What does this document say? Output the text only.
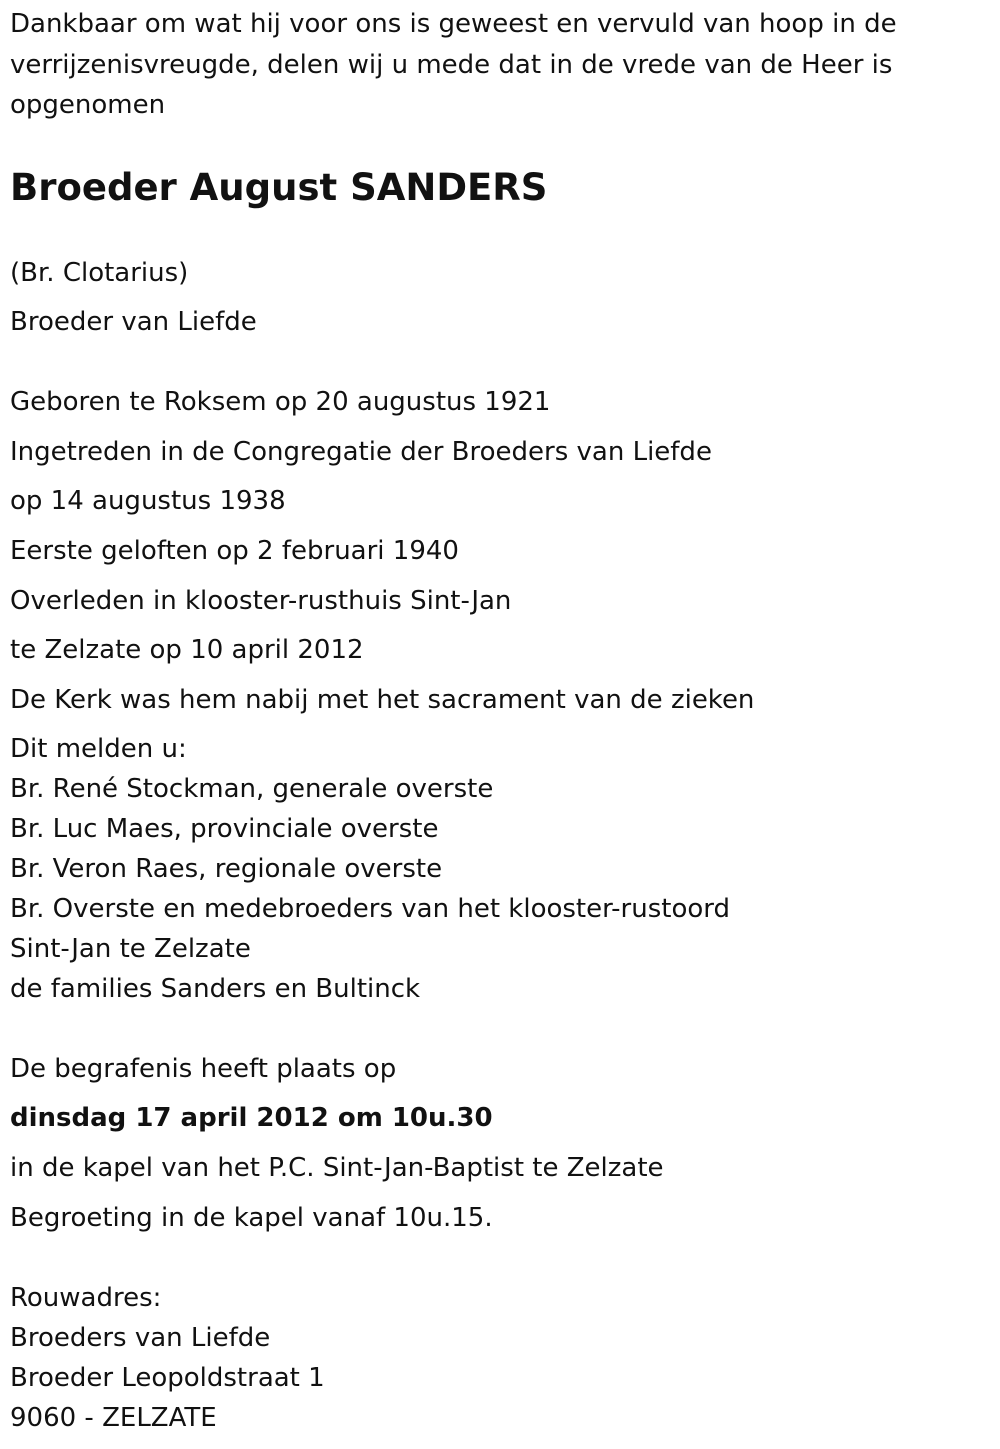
Dankbaar om wat hij voor ons is geweest en vervuld van hoop in de

verrijzenisvreugde, delen wij u mede dat in de vrede van de Heer is

opgenomen

Broeder August SANDERS

(Br. Clotarius)

Broeder van Liefde

Geboren te Roksem op 20 augustus 1921

Ingetreden in de Congregatie der Broeders van Liefde

op 14 augustus 1938

Eerste geloften op 2 februari 1940

Overleden in klooster-rusthuis Sint-Jan

te Zelzate op 10 april 2012

De Kerk was hem nabij met het sacrament van de zieken

Dit melden u:

Br. René Stockman, generale overste

Br. Luc Maes, provinciale overste

Br. Veron Raes, regionale overste

Br. Overste en medebroeders van het klooster-rustoord

Sint-Jan te Zelzate

de families Sanders en Bultinck

De begrafenis heeft plaats op

dinsdag 17 april 2012 om 10u.30

in de kapel van het P.C. Sint-Jan-Baptist te Zelzate

Begroeting in de kapel vanaf 10u.15.

Rouwadres:

Broeders van Liefde

Broeder Leopoldstraat 1

9060 - ZELZATE
